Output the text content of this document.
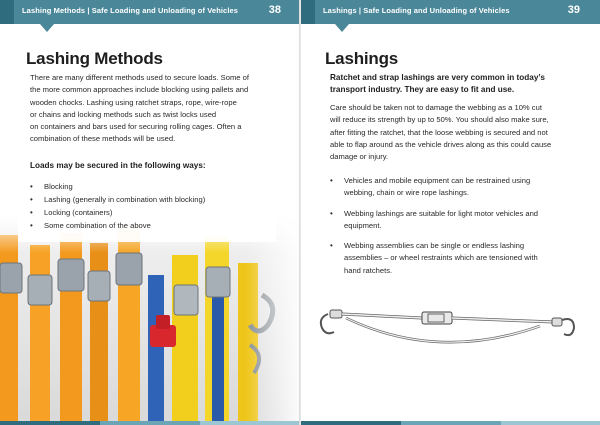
Lashing Methods | Safe Loading and Unloading of Vehicles	38
Lashing Methods
There are many different methods used to secure loads. Some of
the more common approaches include blocking using pallets and
wooden chocks. Lashing using ratchet straps, rope, wire-rope
or chains and locking methods such as twist locks used
on containers and bars used for securing rolling cages. Often a
combination of these methods will be used.
Loads may be secured in the following ways:
• Blocking
• Lashing (generally in combination with blocking)
• Locking (containers)
• Some combination of the above
Lashings | Safe Loading and Unloading of Vehicles	39
Lashings
Ratchet and strap lashings are very common in today’s
transport industry. They are easy to fit and use.
Care should be taken not to damage the webbing as a 10% cut
will reduce its strength by up to 50%. You should also make sure,
after fitting the ratchet, that the loose webbing is secured and not
able to flap around as the vehicle drives along as this could cause
damage or injury.
• Vehicles and mobile equipment can be restrained using
webbing, chain or wire rope lashings.
• Webbing lashings are suitable for light motor vehicles and
equipment.
• Webbing assemblies can be single or endless lashing
assemblies – or wheel restraints which are tensioned with
hand ratchets.
